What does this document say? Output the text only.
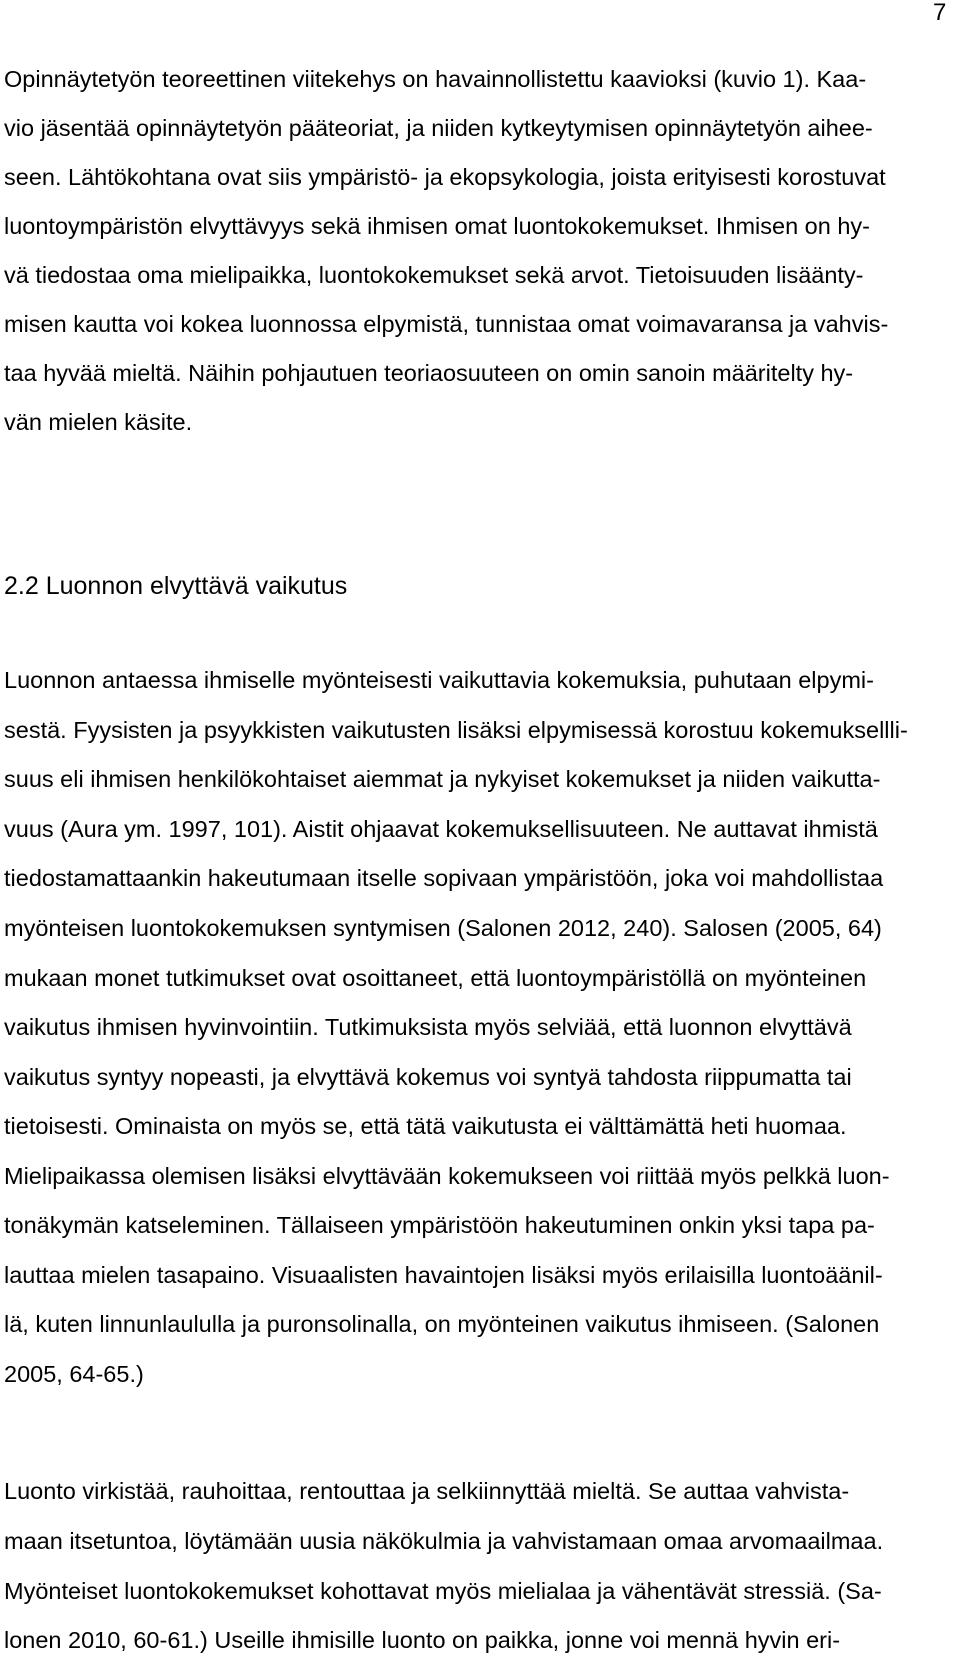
7
Opinnäytetyön teoreettinen viitekehys on havainnollistettu kaavioksi (kuvio 1). Kaa-
vio jäsentää opinnäytetyön pääteoriat, ja niiden kytkeytymisen opinnäytetyön aihee-
seen. Lähtökohtana ovat siis ympäristö- ja ekopsykologia, joista erityisesti korostuvat
luontoympäristön elvyttävyys sekä ihmisen omat luontokokemukset. Ihmisen on hy-
vä tiedostaa oma mielipaikka, luontokokemukset sekä arvot. Tietoisuuden lisäänty-
misen kautta voi kokea luonnossa elpymistä, tunnistaa omat voimavaransa ja vahvis-
taa hyvää mieltä. Näihin pohjautuen teoriaosuuteen on omin sanoin määritelty hy-
vän mielen käsite.
2.2 Luonnon elvyttävä vaikutus
Luonnon antaessa ihmiselle myönteisesti vaikuttavia kokemuksia, puhutaan elpymi-
sestä. Fyysisten ja psyykkisten vaikutusten lisäksi elpymisessä korostuu kokemuksellli-
suus eli ihmisen henkilökohtaiset aiemmat ja nykyiset kokemukset ja niiden vaikutta-
vuus (Aura ym. 1997, 101). Aistit ohjaavat kokemuksellisuuteen. Ne auttavat ihmistä
tiedostamattaankin hakeutumaan itselle sopivaan ympäristöön, joka voi mahdollistaa
myönteisen luontokokemuksen syntymisen (Salonen 2012, 240). Salosen (2005, 64)
mukaan monet tutkimukset ovat osoittaneet, että luontoympäristöllä on myönteinen
vaikutus ihmisen hyvinvointiin. Tutkimuksista myös selviää, että luonnon elvyttävä
vaikutus syntyy nopeasti, ja elvyttävä kokemus voi syntyä tahdosta riippumatta tai
tietoisesti. Ominaista on myös se, että tätä vaikutusta ei välttämättä heti huomaa.
Mielipaikassa olemisen lisäksi elvyttävään kokemukseen voi riittää myös pelkkä luon-
tonäkymän katseleminen. Tällaiseen ympäristöön hakeutuminen onkin yksi tapa pa-
lauttaa mielen tasapaino. Visuaalisten havaintojen lisäksi myös erilaisilla luontoäänil-
lä, kuten linnunlaululla ja puronsolinalla, on myönteinen vaikutus ihmiseen. (Salonen
2005, 64-65.)
Luonto virkistää, rauhoittaa, rentouttaa ja selkiinnyttää mieltä. Se auttaa vahvista-
maan itsetuntoa, löytämään uusia näkökulmia ja vahvistamaan omaa arvomaailmaa.
Myönteiset luontokokemukset kohottavat myös mielialaa ja vähentävät stressiä. (Sa-
lonen 2010, 60-61.) Useille ihmisille luonto on paikka, jonne voi mennä hyvin eri-
